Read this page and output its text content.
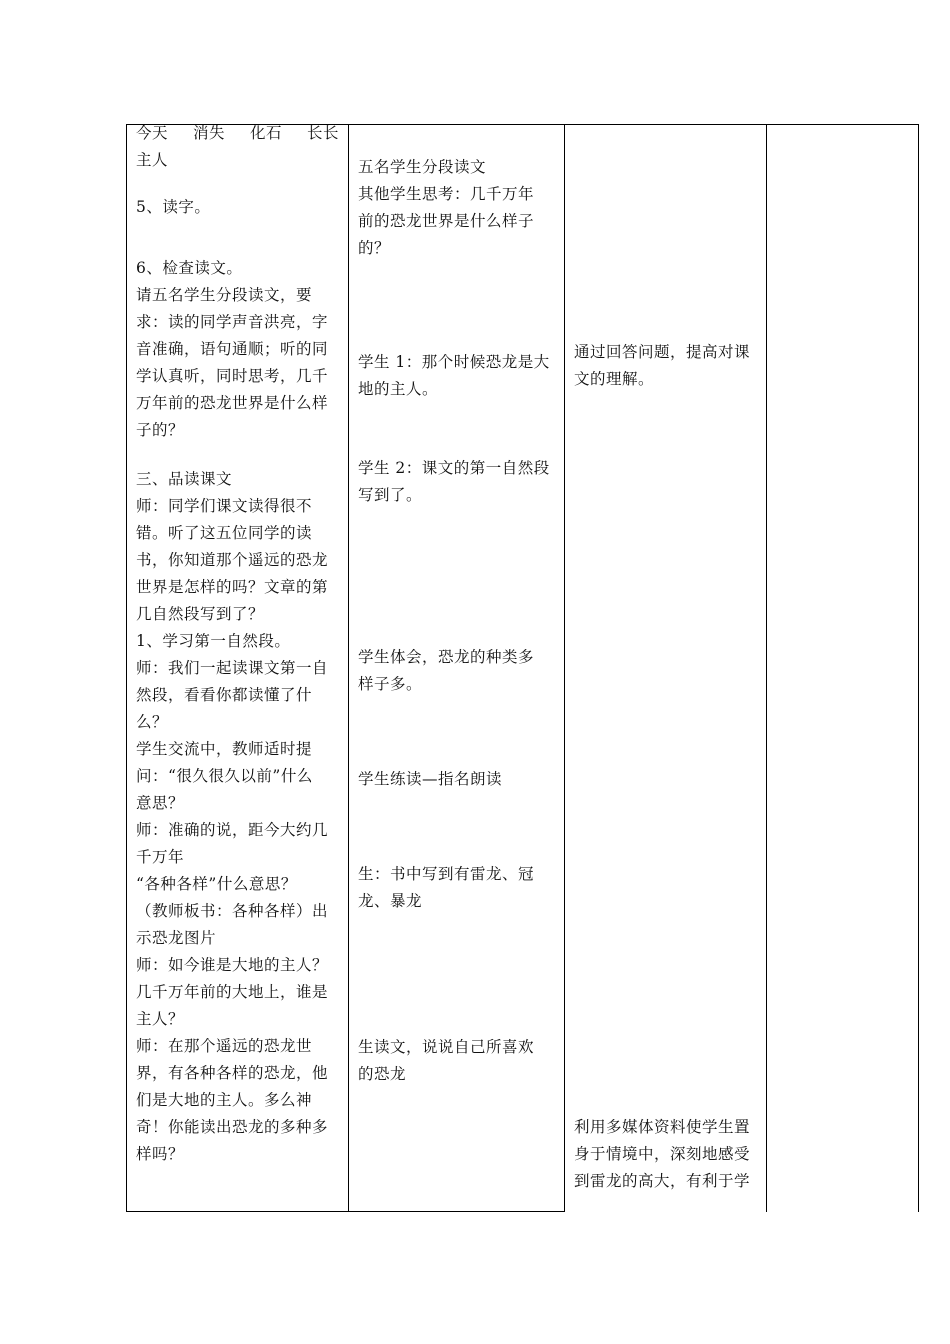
今天 消失 化石 长长
主人
5、读字。
6、检查读文。
请五名学生分段读文，要
求：读的同学声音洪亮，字
音准确，语句通顺；听的同
学认真听，同时思考，几千
万年前的恐龙世界是什么样
子的？
三、品读课文
师：同学们课文读得很不
错。听了这五位同学的读
书，你知道那个遥远的恐龙
世界是怎样的吗？文章的第
几自然段写到了？
1、学习第一自然段。
师：我们一起读课文第一自
然段，看看你都读懂了什
么？
学生交流中，教师适时提
问：“很久很久以前”什么
意思？
师：准确的说，距今大约几
千万年
“各种各样”什么意思？
（教师板书：各种各样）出
示恐龙图片
师：如今谁是大地的主人？
几千万年前的大地上，谁是
主人？
师：在那个遥远的恐龙世
界，有各种各样的恐龙，他
们是大地的主人。多么神
奇！你能读出恐龙的多种多
样吗？
五名学生分段读文
其他学生思考：几千万年
前的恐龙世界是什么样子
的？
学生 1：那个时候恐龙是大
地的主人。
学生 2：课文的第一自然段
写到了。
学生体会，恐龙的种类多
样子多。
学生练读—指名朗读
生：书中写到有雷龙、冠
龙、暴龙
生读文，说说自己所喜欢
的恐龙
通过回答问题，提高对课
文的理解。
利用多媒体资料使学生置
身于情境中，深刻地感受
到雷龙的高大，有利于学
